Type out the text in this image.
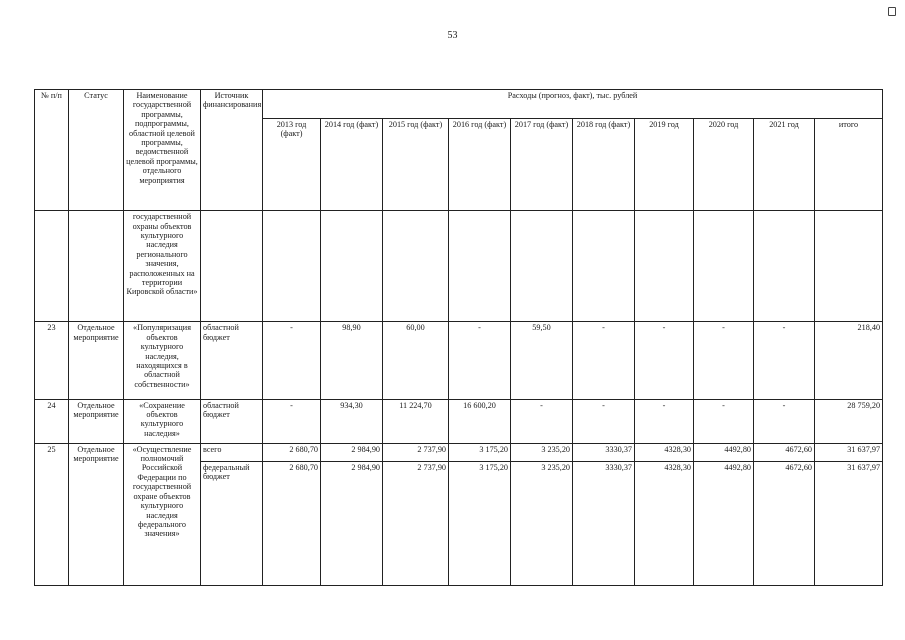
53
№ п/п	Статус	Наименование государственной программы, подпрограммы, областной целевой программы, ведомственной целевой программы, отдельного мероприятия	Источник финансирования	Расходы (прогноз, факт), тыс. рублей									
				2013 год (факт)	2014 год (факт)	2015 год (факт)	2016 год (факт)	2017 год (факт)	2018 год (факт)	2019 год	2020 год	2021 год	итого
		государственной охраны объектов культурного наследия регионального значения, расположенных на территории Кировской области»											
23	Отдельное мероприятие	«Популяризация объектов культурного наследия, находящихся в областной собственности»	областной бюджет	-	98,90	60,00	-	59,50	-	-	-	-	218,40
24	Отдельное мероприятие	«Сохранение объектов культурного наследия»	областной бюджет	-	934,30	11 224,70	16 600,20	-	-	-	-	-	28 759,20
25	Отдельное мероприятие	«Осуществление полномочий Российской Федерации по государственной охране объектов культурного наследия федерального значения»	всего	2 680,70	2 984,90	2 737,90	3 175,20	3 235,20	3330,37	4328,30	4492,80	4672,60	31 637,97
			федеральный бюджет	2 680,70	2 984,90	2 737,90	3 175,20	3 235,20	3330,37	4328,30	4492,80	4672,60	31 637,97
